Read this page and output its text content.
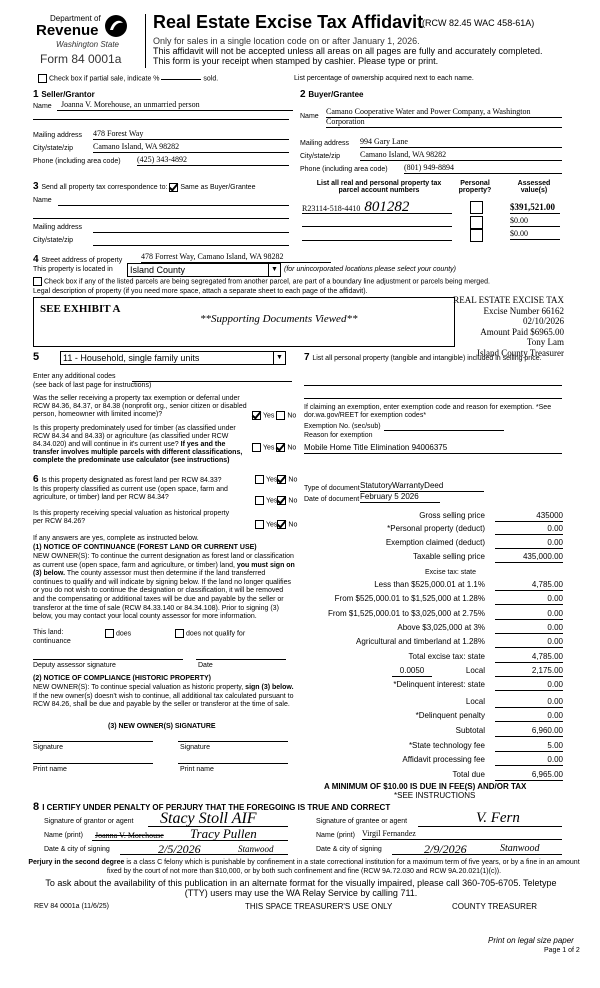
Department of
Revenue
Washington State
Form 84 0001a
Real Estate Excise Tax Affidavit
(RCW 82.45 WAC 458-61A)
Only for sales in a single location code on or after January 1, 2026.
This affidavit will not be accepted unless all areas on all pages are fully and accurately completed.
This form is your receipt when stamped by cashier. Please type or print.
Check box if partial sale, indicate %	sold.	List percentage of ownership acquired next to each name.
1 Seller/Grantor
Name	Joanna V. Morehouse, an unmarried person
Mailing address 478 Forest Way
City/state/zip Camano Island, WA 98282
Phone (including area code) (425) 343-4892
2 Buyer/Grantee
Name
Camano Cooperative Water and Power Company, a Washington
Corporation
Mailing address 994 Gary Lane
City/state/zip Camano Island, WA 98282
Phone (including area code) (801) 949-8894
3 Send all property tax correspondence to: Same as Buyer/Grantee
Name
Mailing address
City/state/zip
List all real and personal property tax
parcel account numbers
Personal
property?
Assessed
value(s)
R23114-518-4410 801282	$391,521.00
$0.00
$0.00
4 Street address of property 478 Forrest Way, Camano Island, WA 98282
This property is located in	Island County	▼ (for unincorporated locations please select your county)
Check box if any of the listed parcels are being segregated from another parcel, are part of a boundary line adjustment or parcels being merged.
Legal description of property (if you need more space, attach a separate sheet to each page of the affidavit).
SEE EXHIBIT A
**Supporting Documents Viewed**
REAL ESTATE EXCISE TAX
Excise Number 66162
02/10/2026
Amount Paid $6965.00
Tony Lam
Island County Treasurer
5	11 - Household, single family units	▼
Enter any additional codes
(see back of last page for instructions)
Was the seller receiving a property tax exemption or deferral under RCW 84.36, 84.37, or 84.38 (nonprofit org., senior citizen or disabled person, homeowner with limited income)?	Yes No
Is this property predominately used for timber (as classified under RCW 84.34 and 84.33) or agriculture (as classified under RCW 84.34.020) and will continue in it's current use? If yes and the transfer involves multiple parcels with different classifications, complete the predominate use calculator (see instructions)
Yes No
7 List all personal property (tangible and intangible) included in selling price.
If claiming an exemption, enter exemption code and reason for exemption. *See dor.wa.gov/REET for exemption codes*
Exemption No. (sec/sub)
Reason for exemption
Mobile Home Title Elimination 94006375
Type of document StatutoryWarrantyDeed
Date of document February 5 2026
6 Is this property designated as forest land per RCW 84.33?	Yes No
Is this property classified as current use (open space, farm and agriculture, or timber) land per RCW 84.34?	Yes No
Is this property receiving special valuation as historical property per RCW 84.26?	Yes No
If any answers are yes, complete as instructed below.
(1) NOTICE OF CONTINUANCE (FOREST LAND OR CURRENT USE)
NEW OWNER(S): To continue the current designation as forest land or classification as current use (open space, farm and agriculture, or timber) land, you must sign on (3) below. The county assessor must then determine if the land transferred continues to qualify and will indicate by signing below. If the land no longer qualifies or you do not wish to continue the designation or classification, it will be removed and the compensating or additional taxes will be due and payable by the seller or transferor at the time of sale (RCW 84.33.140 or 84.34.108). Prior to signing (3) below, you may contact your local county assessor for more information.
This land:	does	does not qualify for
continuance
Deputy assessor signature	Date
(2) NOTICE OF COMPLIANCE (HISTORIC PROPERTY)
NEW OWNER(S): To continue special valuation as historic property, sign (3) below. If the new owner(s) doesn't wish to continue, all additional tax calculated pursuant to RCW 84.26, shall be due and payable by the seller or transferor at the time of sale.
(3) NEW OWNER(S) SIGNATURE
Signature	Signature
Print name	Print name
Gross selling price	435000
*Personal property (deduct)	0.00
Exemption claimed (deduct)	0.00
Taxable selling price	435,000.00
Excise tax: state
Less than $525,000.01 at 1.1%	4,785.00
From $525,000.01 to $1,525,000 at 1.28%	0.00
From $1,525,000.01 to $3,025,000 at 2.75%	0.00
Above $3,025,000 at 3%	0.00
Agricultural and timberland at 1.28%	0.00
Total excise tax: state	4,785.00
0.0050	Local	2,175.00
*Delinquent interest: state	0.00
Local	0.00
*Delinquent penalty	0.00
Subtotal	6,960.00
*State technology fee	5.00
Affidavit processing fee	0.00
Total due	6,965.00
A MINIMUM OF $10.00 IS DUE IN FEE(S) AND/OR TAX
*SEE INSTRUCTIONS
8 I CERTIFY UNDER PENALTY OF PERJURY THAT THE FOREGOING IS TRUE AND CORRECT
Signature of grantor or agent Stacy Stoll AIF
Name (print) Joanna V. Morehouse Tracy Pullen
Date & city of signing	2/5/2026	Stanwood
Signature of grantee or agent	V. Fern
Name (print) Virgil Fernandez
Date & city of signing	2/9/2026	Stanwood
Perjury in the second degree is a class C felony which is punishable by confinement in a state correctional institution for a maximum term of five years, or by a fine in an amount fixed by the court of not more than $10,000, or by both such confinement and fine (RCW 9A.72.030 and RCW 9A.20.021(1)(c)).
To ask about the availability of this publication in an alternate format for the visually impaired, please call 360-705-6705. Teletype
(TTY) users may use the WA Relay Service by calling 711.
REV 84 0001a (11/6/25)	THIS SPACE TREASURER'S USE ONLY	COUNTY TREASURER
Print on legal size paper
Page 1 of 2
